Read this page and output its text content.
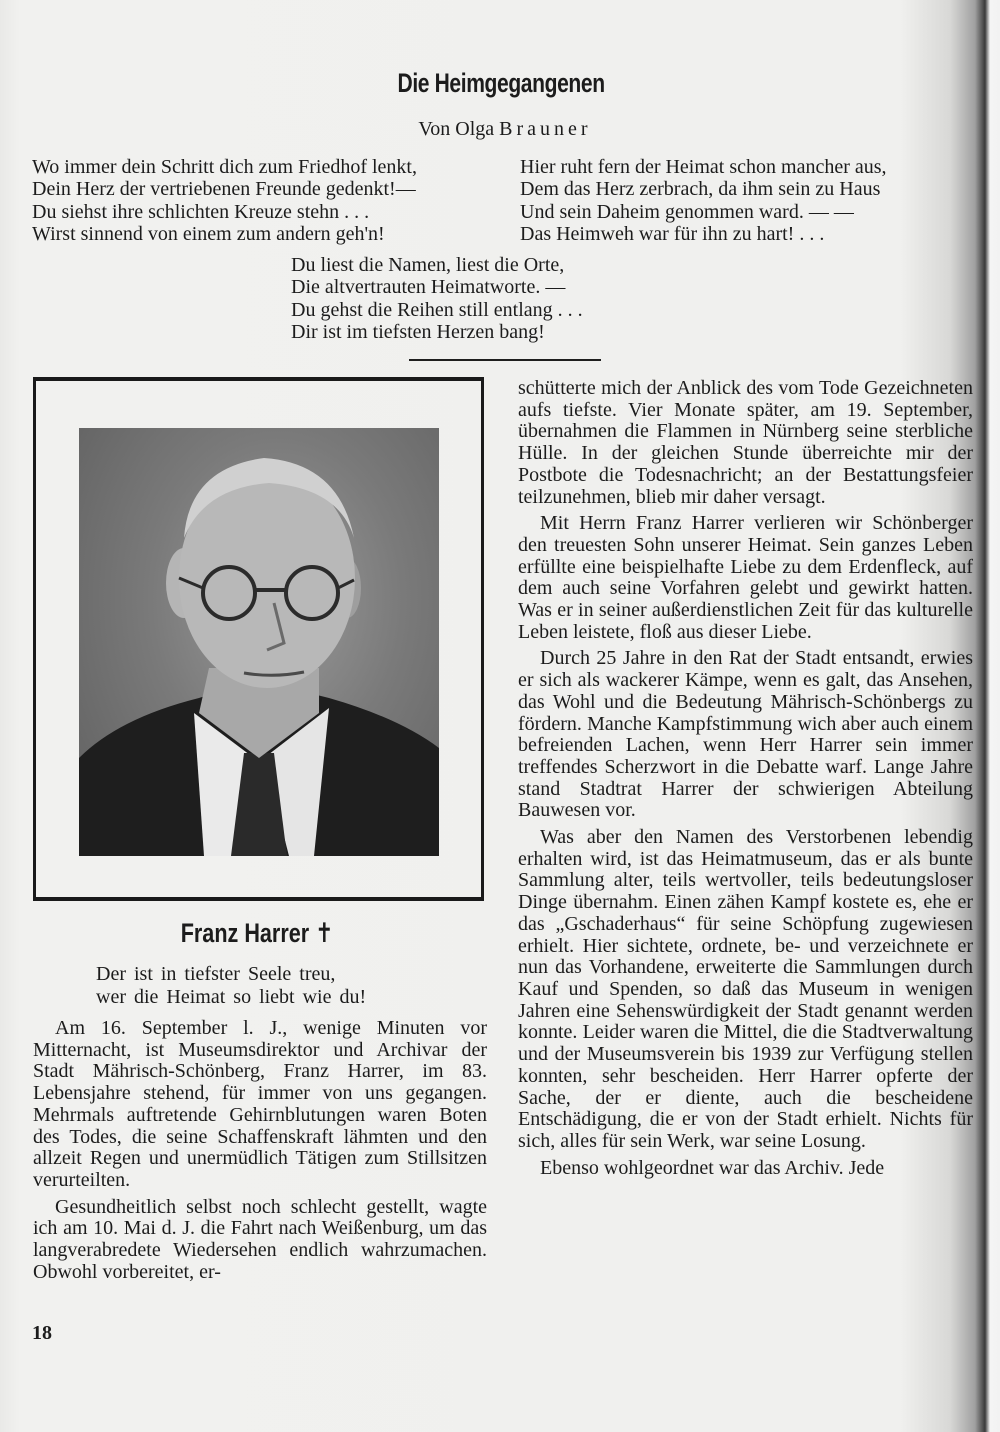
Die Heimgegangenen
Von Olga Brauner
Wo immer dein Schritt dich zum Friedhof lenkt,
Dein Herz der vertriebenen Freunde gedenkt!—
Du siehst ihre schlichten Kreuze stehn . . .
Wirst sinnend von einem zum andern geh'n!
Hier ruht fern der Heimat schon mancher aus,
Dem das Herz zerbrach, da ihm sein zu Haus
Und sein Daheim genommen ward. — —
Das Heimweh war für ihn zu hart! . . .
Du liest die Namen, liest die Orte,
Die altvertrauten Heimatworte. —
Du gehst die Reihen still entlang . . .
Dir ist im tiefsten Herzen bang!
Franz Harrer ✝
Der ist in tiefster Seele treu,
wer die Heimat so liebt wie du!

Am 16. September l. J., wenige Minuten vor Mitternacht, ist Museumsdirektor und Archivar der Stadt Mährisch-Schönberg, Franz Harrer, im 83. Lebensjahre stehend, für immer von uns gegangen. Mehrmals auftretende Gehirnblutungen waren Boten des Todes, die seine Schaffenskraft lähmten und den allzeit Regen und unermüdlich Tätigen zum Stillsitzen verurteilten.

Gesundheitlich selbst noch schlecht gestellt, wagte ich am 10. Mai d. J. die Fahrt nach Weißenburg, um das langverabredete Wiedersehen endlich wahrzumachen. Obwohl vorbereitet, er-

schütterte mich der Anblick des vom Tode Gezeichneten aufs tiefste. Vier Monate später, am 19. September, übernahmen die Flammen in Nürnberg seine sterbliche Hülle. In der gleichen Stunde überreichte mir der Postbote die Todesnachricht; an der Bestattungsfeier teilzunehmen, blieb mir daher versagt.

Mit Herrn Franz Harrer verlieren wir Schönberger den treuesten Sohn unserer Heimat. Sein ganzes Leben erfüllte eine beispielhafte Liebe zu dem Erdenfleck, auf dem auch seine Vorfahren gelebt und gewirkt hatten. Was er in seiner außerdienstlichen Zeit für das kulturelle Leben leistete, floß aus dieser Liebe.

Durch 25 Jahre in den Rat der Stadt entsandt, erwies er sich als wackerer Kämpe, wenn es galt, das Ansehen, das Wohl und die Bedeutung Mährisch-Schönbergs zu fördern. Manche Kampfstimmung wich aber auch einem befreienden Lachen, wenn Herr Harrer sein immer treffendes Scherzwort in die Debatte warf. Lange Jahre stand Stadtrat Harrer der schwierigen Abteilung Bauwesen vor.

Was aber den Namen des Verstorbenen lebendig erhalten wird, ist das Heimatmuseum, das er als bunte Sammlung alter, teils wertvoller, teils bedeutungsloser Dinge übernahm. Einen zähen Kampf kostete es, ehe er das „Gschaderhaus“ für seine Schöpfung zugewiesen erhielt. Hier sichtete, ordnete, be- und verzeichnete er nun das Vorhandene, erweiterte die Sammlungen durch Kauf und Spenden, so daß das Museum in wenigen Jahren eine Sehenswürdigkeit der Stadt genannt werden konnte. Leider waren die Mittel, die die Stadtverwaltung und der Museumsverein bis 1939 zur Verfügung stellen konnten, sehr bescheiden. Herr Harrer opferte der Sache, der er diente, auch die bescheidene Entschädigung, die er von der Stadt erhielt. Nichts für sich, alles für sein Werk, war seine Losung.

Ebenso wohlgeordnet war das Archiv. Jede

18
